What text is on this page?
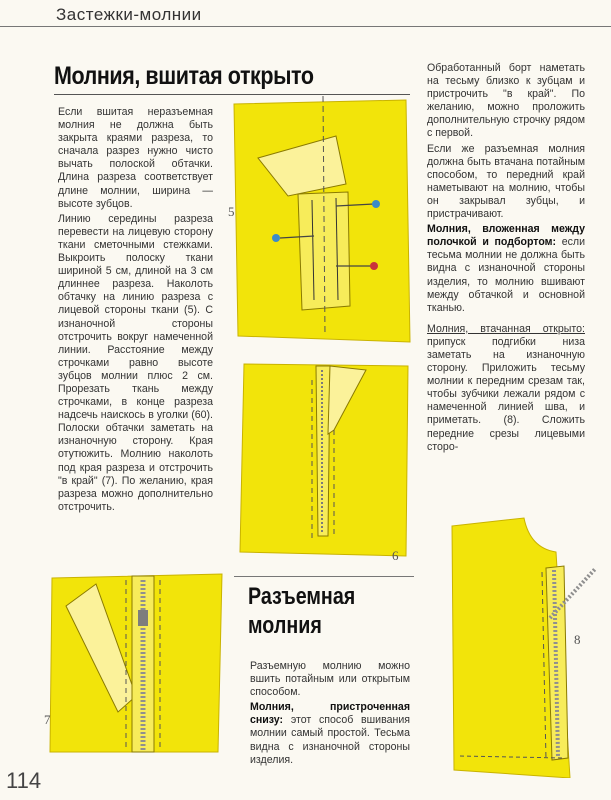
Застежки-молнии
Молния, вшитая открыто

Если вшитая неразъемная молния не должна быть закрыта краями разреза, то сначала разрез нужно чисто вычать полоской обтачки. Длина разреза соответствует длине молнии, ширина — высоте зубцов.

Линию середины разреза перевести на лицевую сторону ткани сметочными стежками. Выкроить полоску ткани шириной 5 см, длиной на 3 см длиннее разреза. Наколоть обтачку на линию разреза с лицевой стороны ткани (5). С изнаночной стороны отстрочить вокруг намеченной линии. Расстояние между строчками равно высоте зубцов молнии плюс 2 см. Прорезать ткань между строчками, в конце разреза надсечь наискось в уголки (60). Полоски обтачки заметать на изнаночную сторону. Края отутюжить. Молнию наколоть под края разреза и отстрочить "в край" (7). По желанию, края разреза можно дополнительно отстрочить.

Обработанный борт наметать на тесьму близко к зубцам и пристрочить "в край". По желанию, можно проложить дополнительную строчку рядом с первой.

Если же разъемная молния должна быть втачана потайным способом, то передний край наметывают на молнию, чтобы он закрывал зубцы, и пристрачивают.

Молния, вложенная между полочкой и подбортом: если тесьма молнии не должна быть видна с изнаночной стороны изделия, то молнию вшивают между обтачкой и основной тканью.

Молния, втачанная открыто: припуск подгибки низа заметать на изнаночную сторону. Приложить тесьму молнии к передним срезам так, чтобы зубчики лежали рядом с намеченной линией шва, и приметать. (8). Сложить передние срезы лицевыми сторо-

5
6
7
Разъемная
молния

Разъемную молнию можно вшить потайным или открытым способом.

Молния, пристроченная снизу: этот способ вшивания молнии самый простой. Тесьма видна с изнаночной стороны изделия.

8
114
